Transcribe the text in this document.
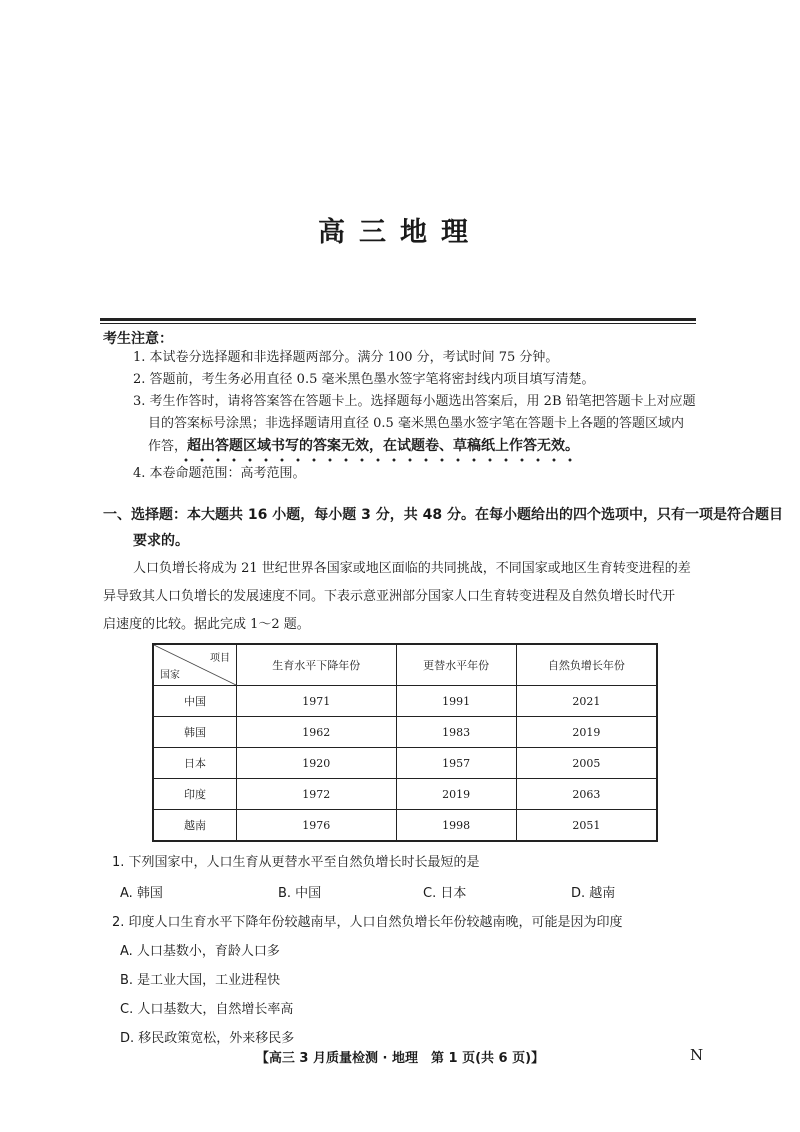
高三地理
考生注意：
1. 本试卷分选择题和非选择题两部分。满分 100 分，考试时间 75 分钟。
2. 答题前，考生务必用直径 0.5 毫米黑色墨水签字笔将密封线内项目填写清楚。
3. 考生作答时，请将答案答在答题卡上。选择题每小题选出答案后，用 2B 铅笔把答题卡上对应题
目的答案标号涂黑；非选择题请用直径 0.5 毫米黑色墨水签字笔在答题卡上各题的答题区域内
作答，超出答题区域书写的答案无效，在试题卷、草稿纸上作答无效。
4. 本卷命题范围：高考范围。
一、选择题：本大题共 16 小题，每小题 3 分，共 48 分。在每小题给出的四个选项中，只有一项是符合题目
要求的。
人口负增长将成为 21 世纪世界各国家或地区面临的共同挑战，不同国家或地区生育转变进程的差
异导致其人口负增长的发展速度不同。下表示意亚洲部分国家人口生育转变进程及自然负增长时代开
启速度的比较。据此完成 1～2 题。
项目
国家	生育水平下降年份	更替水平年份	自然负增长年份
中国	1971	1991	2021
韩国	1962	1983	2019
日本	1920	1957	2005
印度	1972	2019	2063
越南	1976	1998	2051
1. 下列国家中，人口生育从更替水平至自然负增长时长最短的是
A. 韩国	B. 中国	C. 日本	D. 越南
2. 印度人口生育水平下降年份较越南早，人口自然负增长年份较越南晚，可能是因为印度
A. 人口基数小，育龄人口多
B. 是工业大国，工业进程快
C. 人口基数大，自然增长率高
D. 移民政策宽松，外来移民多
【高三 3 月质量检测 · 地理　第 1 页(共 6 页)】	N
